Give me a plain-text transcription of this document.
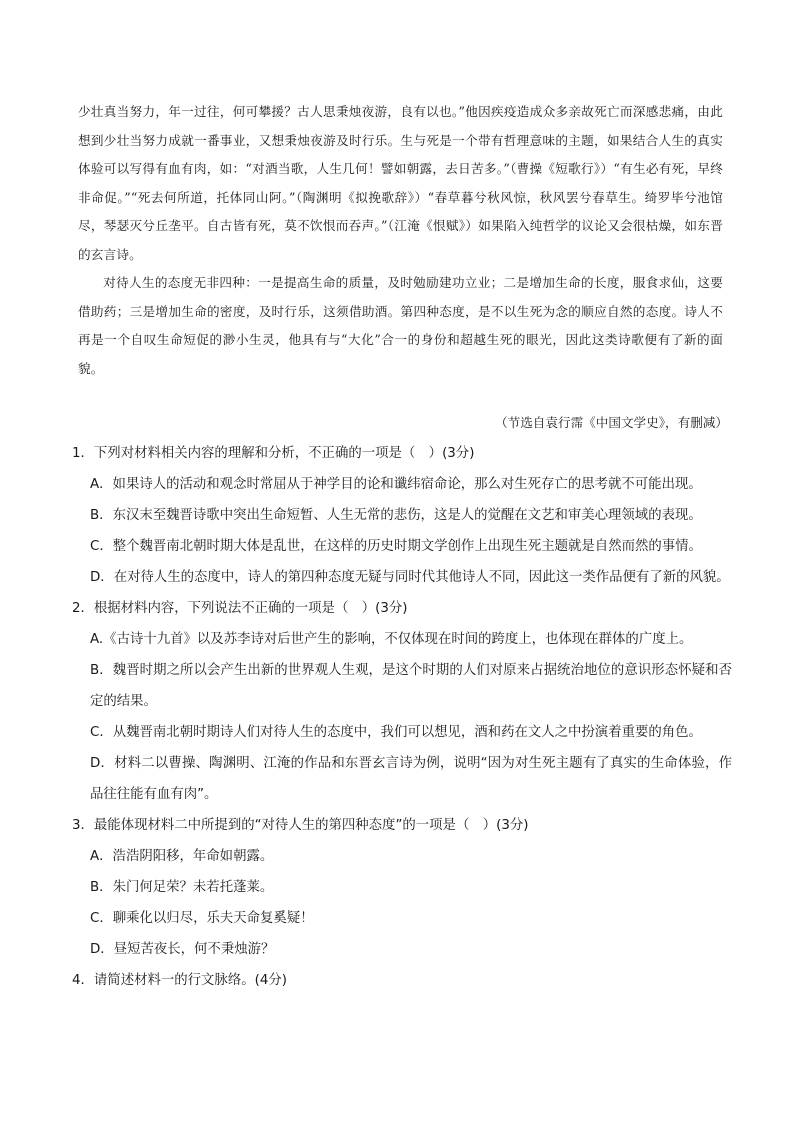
少壮真当努力，年一过往，何可攀援？古人思秉烛夜游，良有以也。”他因疾疫造成众多亲故死亡而深感悲痛，由此想到少壮当努力成就一番事业，又想秉烛夜游及时行乐。生与死是一个带有哲理意味的主题，如果结合人生的真实体验可以写得有血有肉，如：“对酒当歌，人生几何！譬如朝露，去日苦多。”（曹操《短歌行》）“有生必有死，早终非命促。”“死去何所道，托体同山阿。”（陶渊明《拟挽歌辞》）“春草暮兮秋风惊，秋风罢兮春草生。绮罗毕兮池馆尽，琴瑟灭兮丘垄平。自古皆有死，莫不饮恨而吞声。”（江淹《恨赋》）如果陷入纯哲学的议论又会很枯燥，如东晋的玄言诗。

对待人生的态度无非四种：一是提高生命的质量，及时勉励建功立业；二是增加生命的长度，服食求仙，这要借助药；三是增加生命的密度，及时行乐，这须借助酒。第四种态度，是不以生死为念的顺应自然的态度。诗人不再是一个自叹生命短促的渺小生灵，他具有与“大化”合一的身份和超越生死的眼光，因此这类诗歌便有了新的面貌。

（节选自袁行霈《中国文学史》，有删减）

1．下列对材料相关内容的理解和分析，不正确的一项是（　）(3分)

A．如果诗人的活动和观念时常屈从于神学目的论和谶纬宿命论，那么对生死存亡的思考就不可能出现。

B．东汉末至魏晋诗歌中突出生命短暂、人生无常的悲伤，这是人的觉醒在文艺和审美心理领域的表现。

C．整个魏晋南北朝时期大体是乱世，在这样的历史时期文学创作上出现生死主题就是自然而然的事情。

D．在对待人生的态度中，诗人的第四种态度无疑与同时代其他诗人不同，因此这一类作品便有了新的风貌。

2．根据材料内容，下列说法不正确的一项是（　）(3分)

A.《古诗十九首》以及苏李诗对后世产生的影响，不仅体现在时间的跨度上，也体现在群体的广度上。

B．魏晋时期之所以会产生出新的世界观人生观，是这个时期的人们对原来占据统治地位的意识形态怀疑和否定的结果。

C．从魏晋南北朝时期诗人们对待人生的态度中，我们可以想见，酒和药在文人之中扮演着重要的角色。

D．材料二以曹操、陶渊明、江淹的作品和东晋玄言诗为例，说明“因为对生死主题有了真实的生命体验，作品往往能有血有肉”。

3．最能体现材料二中所提到的“对待人生的第四种态度”的一项是（　）(3分)

A．浩浩阴阳移，年命如朝露。

B．朱门何足荣？未若托蓬莱。

C．聊乘化以归尽，乐夫天命复奚疑！

D．昼短苦夜长，何不秉烛游？

4．请简述材料一的行文脉络。(4分)
